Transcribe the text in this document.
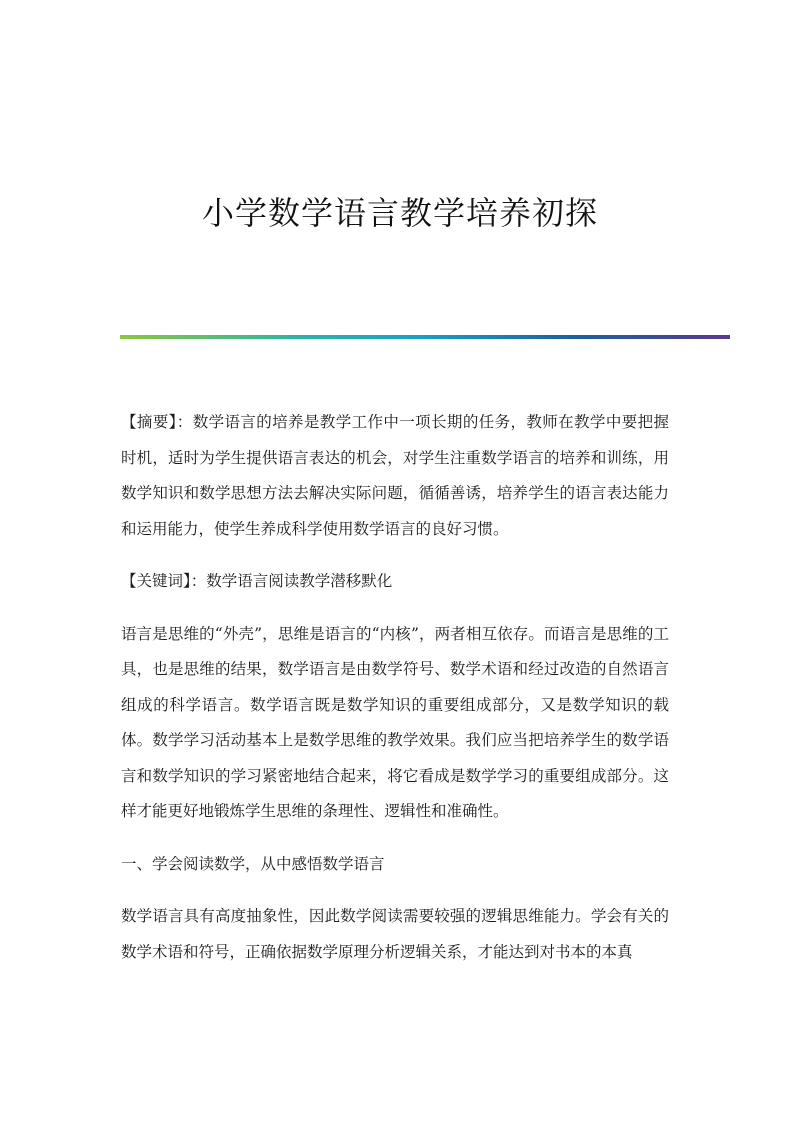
小学数学语言教学培养初探

【摘要】：数学语言的培养是教学工作中一项长期的任务，教师在教学中要把握时机，适时为学生提供语言表达的机会，对学生注重数学语言的培养和训练，用数学知识和数学思想方法去解决实际问题，循循善诱，培养学生的语言表达能力和运用能力，使学生养成科学使用数学语言的良好习惯。

【关键词】：数学语言阅读教学潜移默化

语言是思维的“外壳”，思维是语言的“内核”，两者相互依存。而语言是思维的工具，也是思维的结果，数学语言是由数学符号、数学术语和经过改造的自然语言组成的科学语言。数学语言既是数学知识的重要组成部分，又是数学知识的载体。数学学习活动基本上是数学思维的教学效果。我们应当把培养学生的数学语言和数学知识的学习紧密地结合起来，将它看成是数学学习的重要组成部分。这样才能更好地锻炼学生思维的条理性、逻辑性和准确性。

一、学会阅读数学，从中感悟数学语言

数学语言具有高度抽象性，因此数学阅读需要较强的逻辑思维能力。学会有关的数学术语和符号，正确依据数学原理分析逻辑关系，才能达到对书本的本真
